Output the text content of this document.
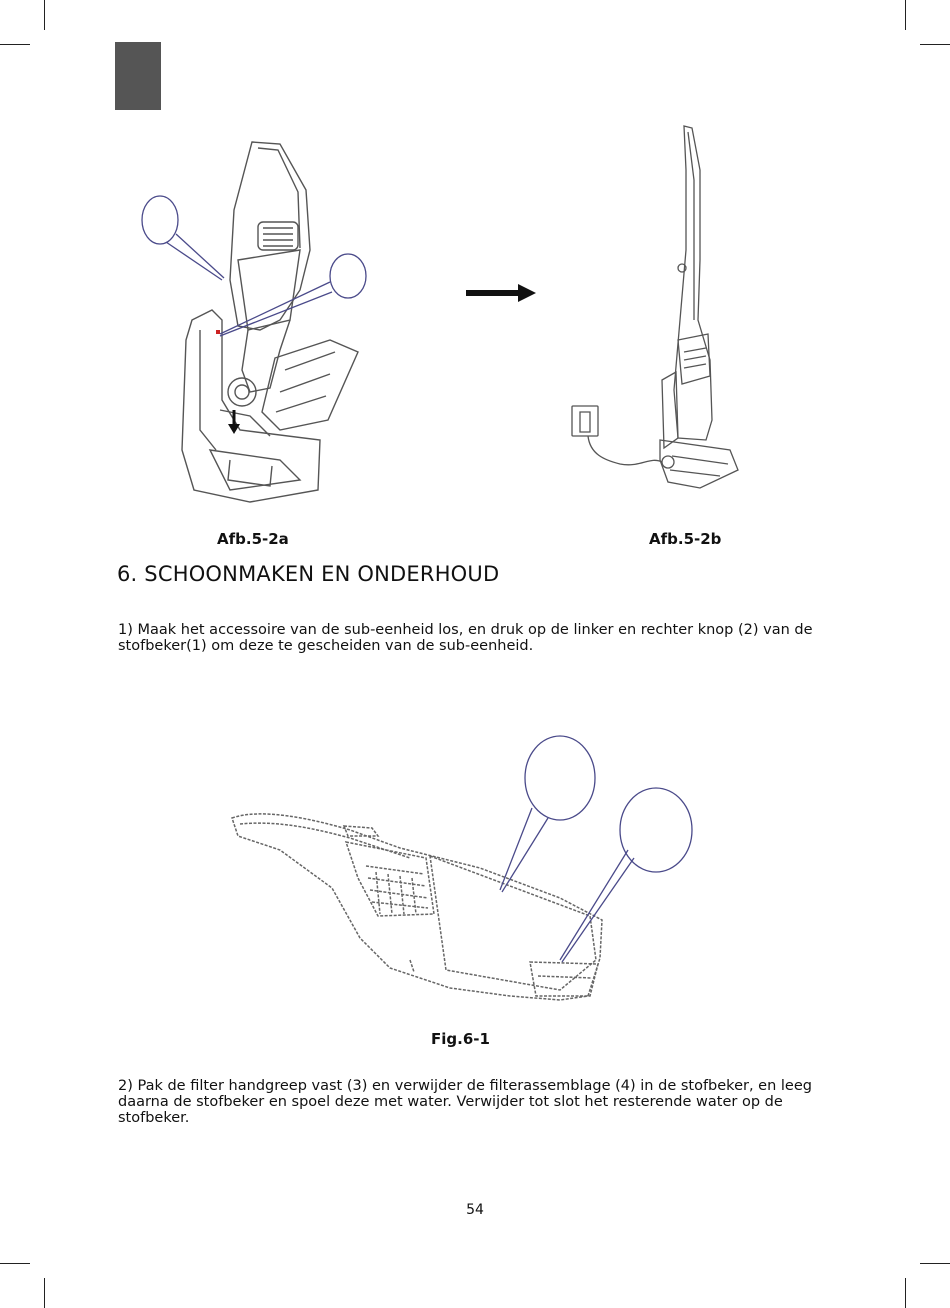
Afb.5-2a	Afb.5-2b
6. SCHOONMAKEN EN ONDERHOUD

1) Maak het accessoire van de sub-eenheid los, en druk op de linker en rechter knop (2) van de stofbeker(1) om deze te gescheiden van de sub-eenheid.

Fig.6-1

2) Pak de filter handgreep vast (3) en verwijder de filterassemblage (4) in de stofbeker, en leeg daarna de stofbeker en spoel deze met water. Verwijder tot slot het resterende water op de stofbeker.

54
